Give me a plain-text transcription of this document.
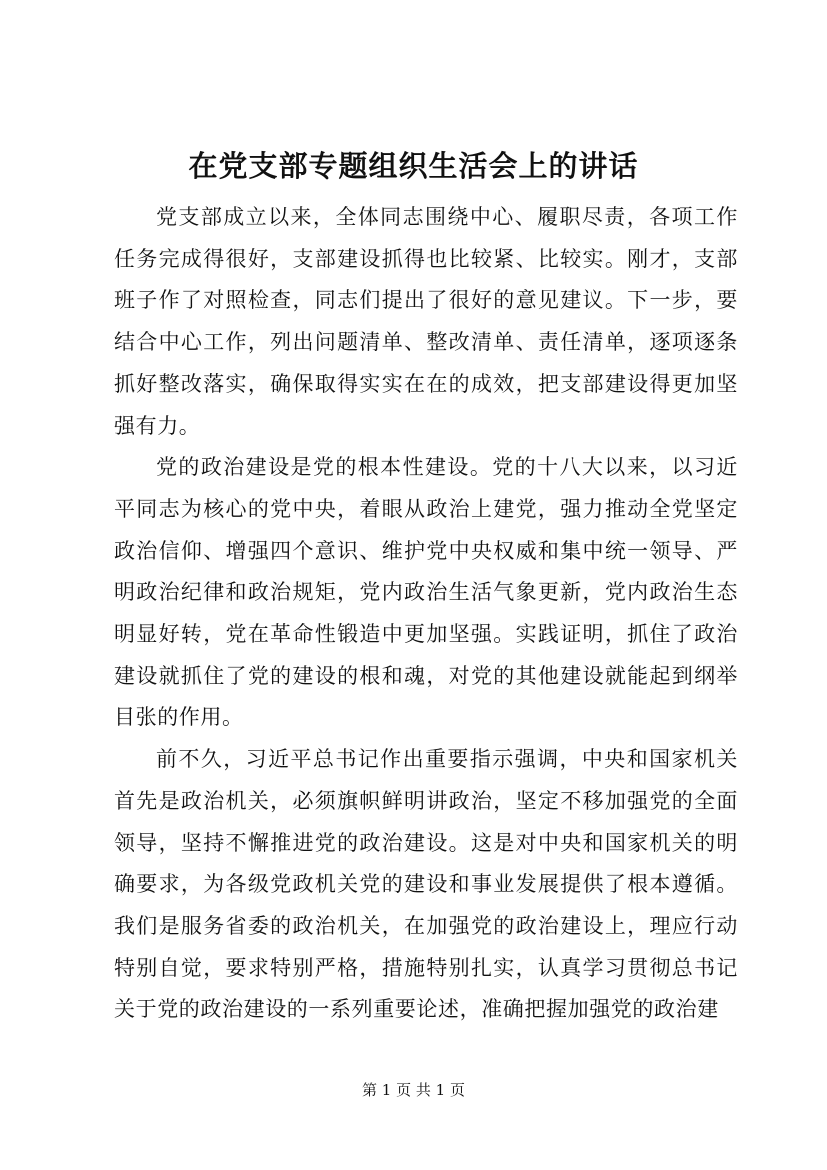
在党支部专题组织生活会上的讲话

党支部成立以来，全体同志围绕中心、履职尽责，各项工作任务完成得很好，支部建设抓得也比较紧、比较实。刚才，支部班子作了对照检查，同志们提出了很好的意见建议。下一步，要结合中心工作，列出问题清单、整改清单、责任清单，逐项逐条抓好整改落实，确保取得实实在在的成效，把支部建设得更加坚强有力。

党的政治建设是党的根本性建设。党的十八大以来，以习近平同志为核心的党中央，着眼从政治上建党，强力推动全党坚定政治信仰、增强四个意识、维护党中央权威和集中统一领导、严明政治纪律和政治规矩，党内政治生活气象更新，党内政治生态明显好转，党在革命性锻造中更加坚强。实践证明，抓住了政治建设就抓住了党的建设的根和魂，对党的其他建设就能起到纲举目张的作用。

前不久，习近平总书记作出重要指示强调，中央和国家机关首先是政治机关，必须旗帜鲜明讲政治，坚定不移加强党的全面领导，坚持不懈推进党的政治建设。这是对中央和国家机关的明确要求，为各级党政机关党的建设和事业发展提供了根本遵循。我们是服务省委的政治机关，在加强党的政治建设上，理应行动特别自觉，要求特别严格，措施特别扎实，认真学习贯彻总书记关于党的政治建设的一系列重要论述，准确把握加强党的政治建

第 1 页 共 1 页
